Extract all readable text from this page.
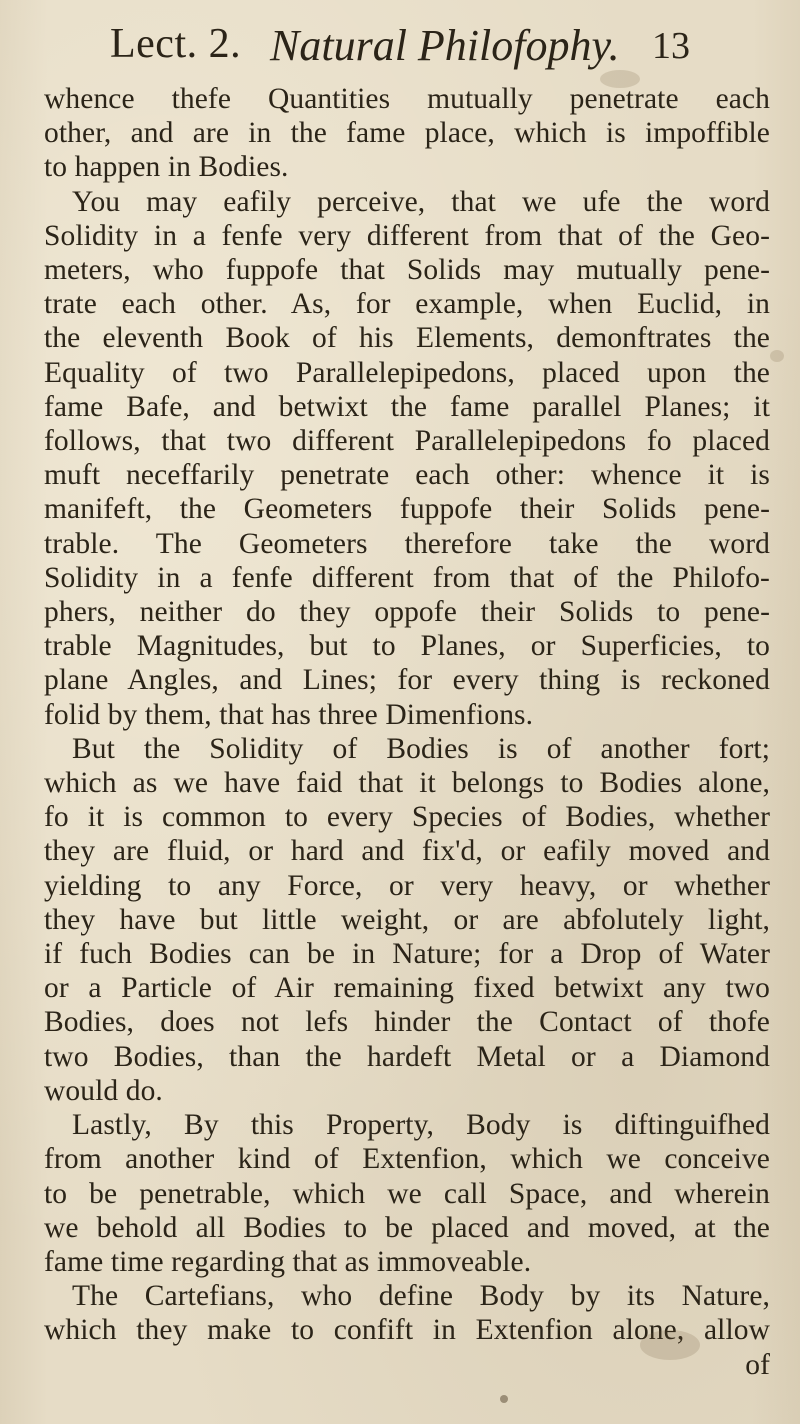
Lect. 2. Natural Philofophy. 13
whence thefe Quantities mutually penetrate each
other, and are in the fame place, which is impoffible
to happen in Bodies.
You may eafily perceive, that we ufe the word
Solidity in a fenfe very different from that of the Geo-
meters, who fuppofe that Solids may mutually pene-
trate each other. As, for example, when Euclid, in
the eleventh Book of his Elements, demonftrates the
Equality of two Parallelepipedons, placed upon the
fame Bafe, and betwixt the fame parallel Planes; it
follows, that two different Parallelepipedons fo placed
muft neceffarily penetrate each other: whence it is
manifeft, the Geometers fuppofe their Solids pene-
trable. The Geometers therefore take the word
Solidity in a fenfe different from that of the Philofo-
phers, neither do they oppofe their Solids to pene-
trable Magnitudes, but to Planes, or Superficies, to
plane Angles, and Lines; for every thing is reckoned
folid by them, that has three Dimenfions.
But the Solidity of Bodies is of another fort;
which as we have faid that it belongs to Bodies alone,
fo it is common to every Species of Bodies, whether
they are fluid, or hard and fix'd, or eafily moved and
yielding to any Force, or very heavy, or whether
they have but little weight, or are abfolutely light,
if fuch Bodies can be in Nature; for a Drop of Water
or a Particle of Air remaining fixed betwixt any two
Bodies, does not lefs hinder the Contact of thofe
two Bodies, than the hardeft Metal or a Diamond
would do.
Lastly, By this Property, Body is diftinguifhed
from another kind of Extenfion, which we conceive
to be penetrable, which we call Space, and wherein
we behold all Bodies to be placed and moved, at the
fame time regarding that as immoveable.
The Cartefians, who define Body by its Nature,
which they make to confift in Extenfion alone, allow
of
